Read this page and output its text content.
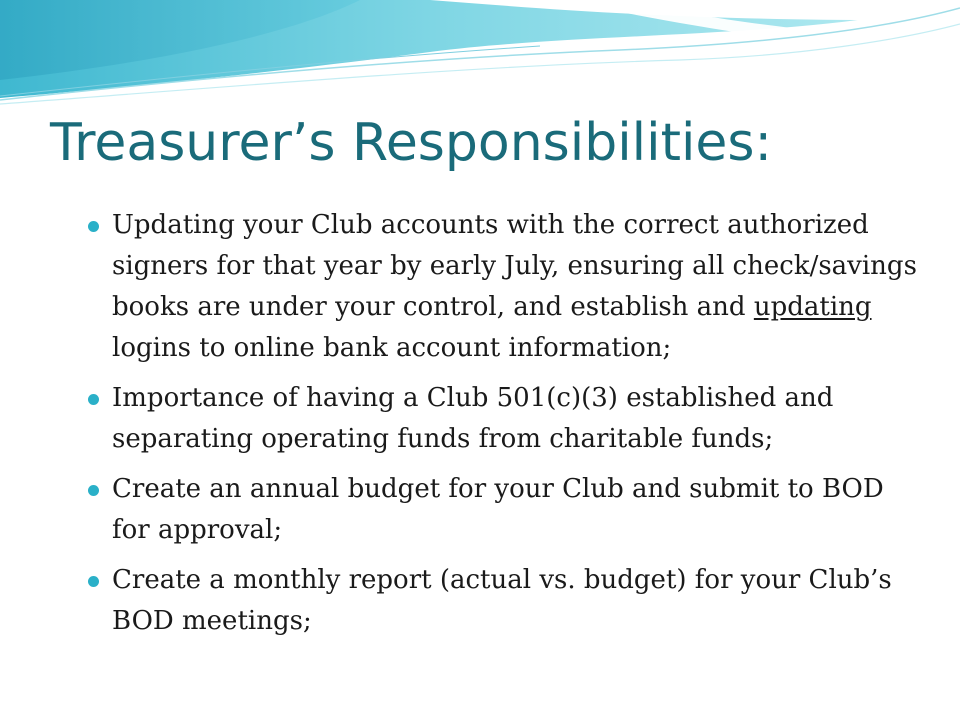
Treasurer’s Responsibilities:
Updating your Club accounts with the correct authorized signers for that year by early July, ensuring all check/savings books are under your control, and establish and updating logins to online bank account information;
Importance of having a Club 501(c)(3) established and separating operating funds from charitable funds;
Create an annual budget for your Club and submit to BOD for approval;
Create a monthly report (actual vs. budget) for your Club’s BOD meetings;
